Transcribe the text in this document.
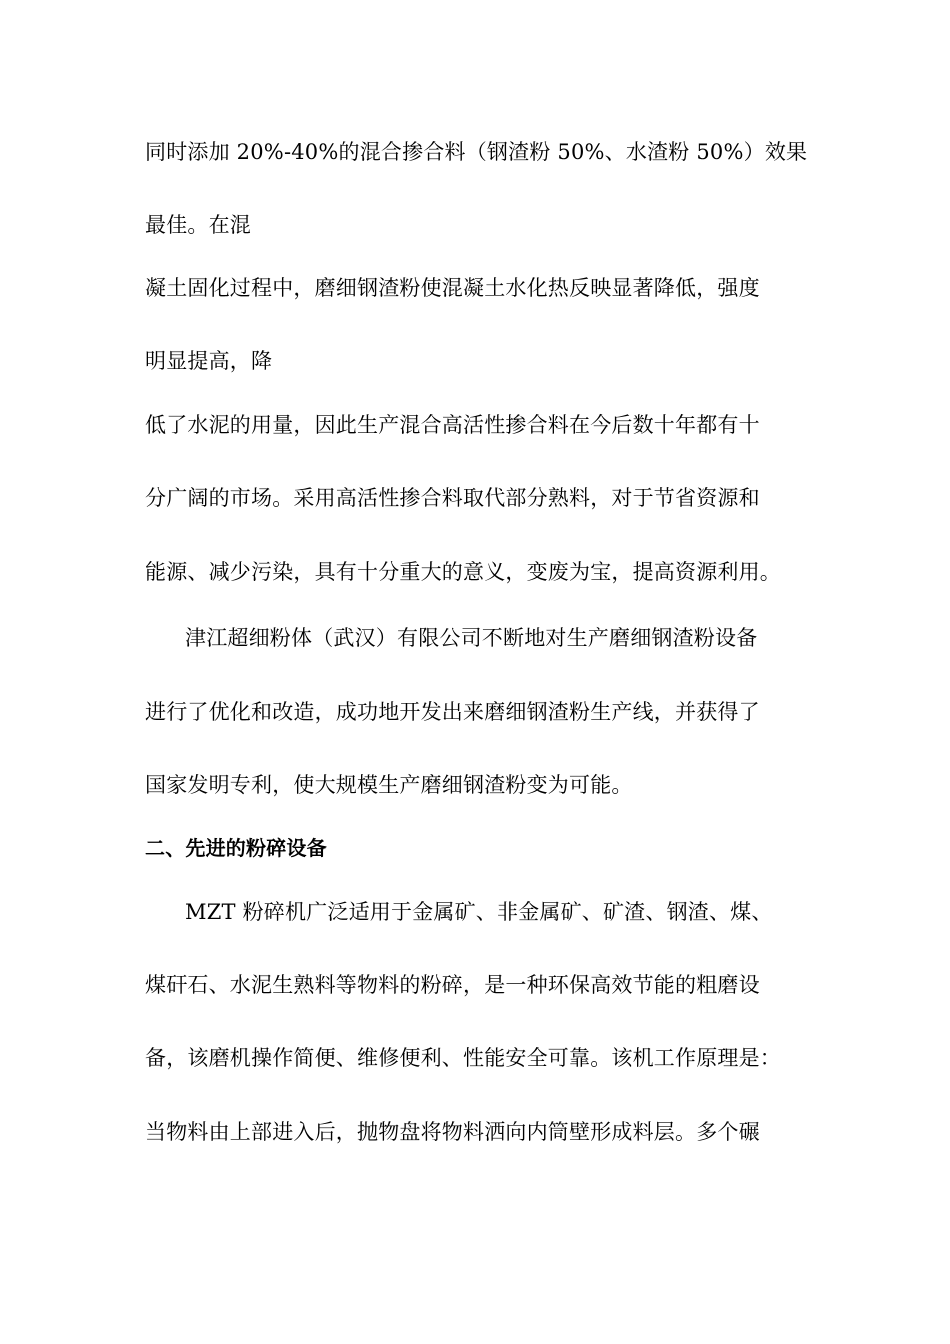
同时添加 20%-40%的混合掺合料（钢渣粉 50%、水渣粉 50%）效果
最佳。在混
凝土固化过程中，磨细钢渣粉使混凝土水化热反映显著降低，强度
明显提高，降
低了水泥的用量，因此生产混合高活性掺合料在今后数十年都有十
分广阔的市场。采用高活性掺合料取代部分熟料，对于节省资源和
能源、减少污染，具有十分重大的意义，变废为宝，提高资源利用。
津江超细粉体（武汉）有限公司不断地对生产磨细钢渣粉设备
进行了优化和改造，成功地开发出来磨细钢渣粉生产线，并获得了
国家发明专利，使大规模生产磨细钢渣粉变为可能。
二、先进的粉碎设备
MZT 粉碎机广泛适用于金属矿、非金属矿、矿渣、钢渣、煤、
煤矸石、水泥生熟料等物料的粉碎，是一种环保高效节能的粗磨设
备，该磨机操作简便、维修便利、性能安全可靠。该机工作原理是：
当物料由上部进入后，抛物盘将物料洒向内筒壁形成料层。多个碾
